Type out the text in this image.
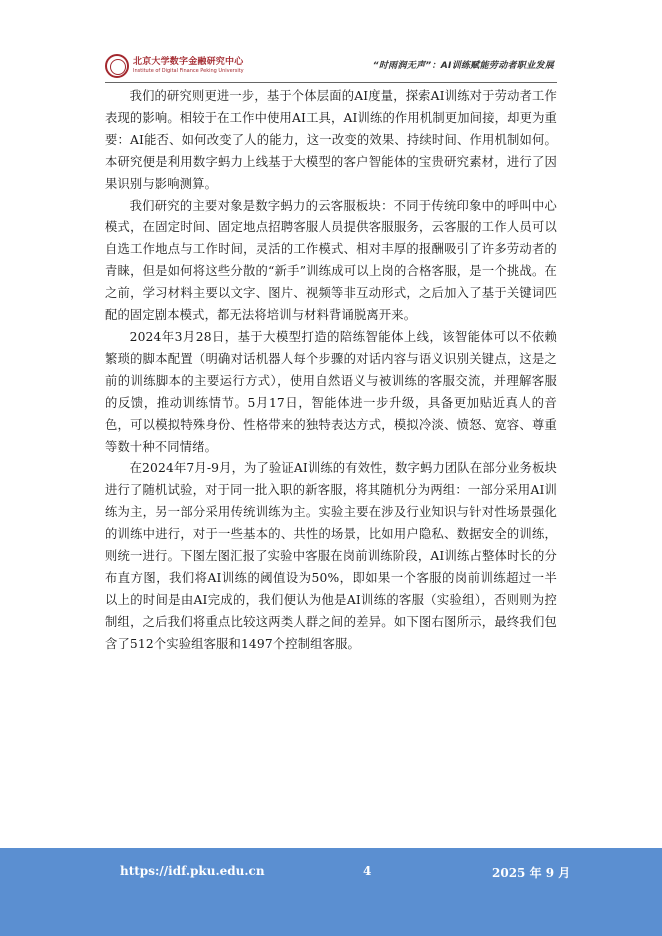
北京大学数字金融研究中心
Institute of Digital Finance Peking University	“时雨润无声”：AI训练赋能劳动者职业发展

我们的研究则更进一步，基于个体层面的AI度量，探索AI训练对于劳动者工作表现的影响。相较于在工作中使用AI工具，AI训练的作用机制更加间接，却更为重要：AI能否、如何改变了人的能力，这一改变的效果、持续时间、作用机制如何。本研究便是利用数字蚂力上线基于大模型的客户智能体的宝贵研究素材，进行了因果识别与影响测算。

我们研究的主要对象是数字蚂力的云客服板块：不同于传统印象中的呼叫中心模式，在固定时间、固定地点招聘客服人员提供客服服务，云客服的工作人员可以自选工作地点与工作时间，灵活的工作模式、相对丰厚的报酬吸引了许多劳动者的青睐，但是如何将这些分散的“新手”训练成可以上岗的合格客服，是一个挑战。在之前，学习材料主要以文字、图片、视频等非互动形式，之后加入了基于关键词匹配的固定剧本模式，都无法将培训与材料背诵脱离开来。

2024年3月28日，基于大模型打造的陪练智能体上线，该智能体可以不依赖繁琐的脚本配置（明确对话机器人每个步骤的对话内容与语义识别关键点，这是之前的训练脚本的主要运行方式），使用自然语义与被训练的客服交流，并理解客服的反馈，推动训练情节。5月17日，智能体进一步升级，具备更加贴近真人的音色，可以模拟特殊身份、性格带来的独特表达方式，模拟冷淡、愤怒、宽容、尊重等数十种不同情绪。

在2024年7月-9月，为了验证AI训练的有效性，数字蚂力团队在部分业务板块进行了随机试验，对于同一批入职的新客服，将其随机分为两组：一部分采用AI训练为主，另一部分采用传统训练为主。实验主要在涉及行业知识与针对性场景强化的训练中进行，对于一些基本的、共性的场景，比如用户隐私、数据安全的训练，则统一进行。下图左图汇报了实验中客服在岗前训练阶段，AI训练占整体时长的分布直方图，我们将AI训练的阈值设为50%，即如果一个客服的岗前训练超过一半以上的时间是由AI完成的，我们便认为他是AI训练的客服（实验组），否则则为控制组，之后我们将重点比较这两类人群之间的差异。如下图右图所示，最终我们包含了512个实验组客服和1497个控制组客服。

https://idf.pku.edu.cn	4	2025 年 9 月
